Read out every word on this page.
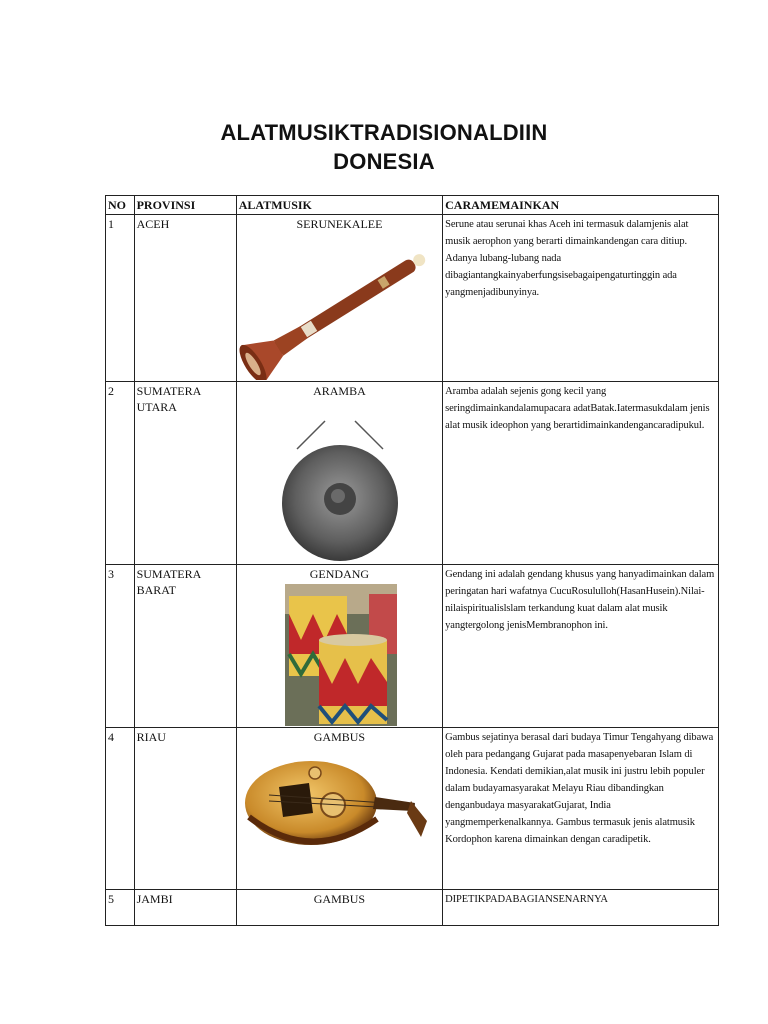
ALATMUSIKTRADISIONALDIIN
DONESIA
NO	PROVINSI	ALATMUSIK	CARAMEMAINKAN
1	ACEH	SERUNEKALEE	Serune atau serunai khas Aceh ini termasuk dalamjenis alat musik aerophon yang berarti dimainkandengan cara ditiup. Adanya lubang-lubang nada dibagiantangkainyaberfungsisebagaipengaturtinggin ada yangmenjadibunyinya.

2	SUMATERA UTARA	ARAMBA	Aramba adalah sejenis gong kecil yang seringdimainkandalamupacara adatBatak.Iatermasukdalam jenis alat musik ideophon yang berartidimainkandengancaradipukul.

3	SUMATERA BARAT	GENDANG	Gendang ini adalah gendang khusus yang hanyadimainkan dalam peringatan hari wafatnya CucuRosululloh(HasanHusein).Nilai-nilaispiritualislslam terkandung kuat dalam alat musik yangtergolong jenisMembranophon ini.

4	RIAU	GAMBUS	Gambus sejatinya berasal dari budaya Timur Tengahyang dibawa oleh para pedangang Gujarat pada masapenyebaran Islam di Indonesia. Kendati demikian,alat musik ini justru lebih populer dalam budayamasyarakat Melayu Riau dibandingkan denganbudaya masyarakatGujarat, India yangmemperkenalkannya. Gambus termasuk jenis alatmusik Kordophon karena dimainkan dengan caradipetik.

5	JAMBI	GAMBUS	DIPETIKPADABAGIANSENARNYA
